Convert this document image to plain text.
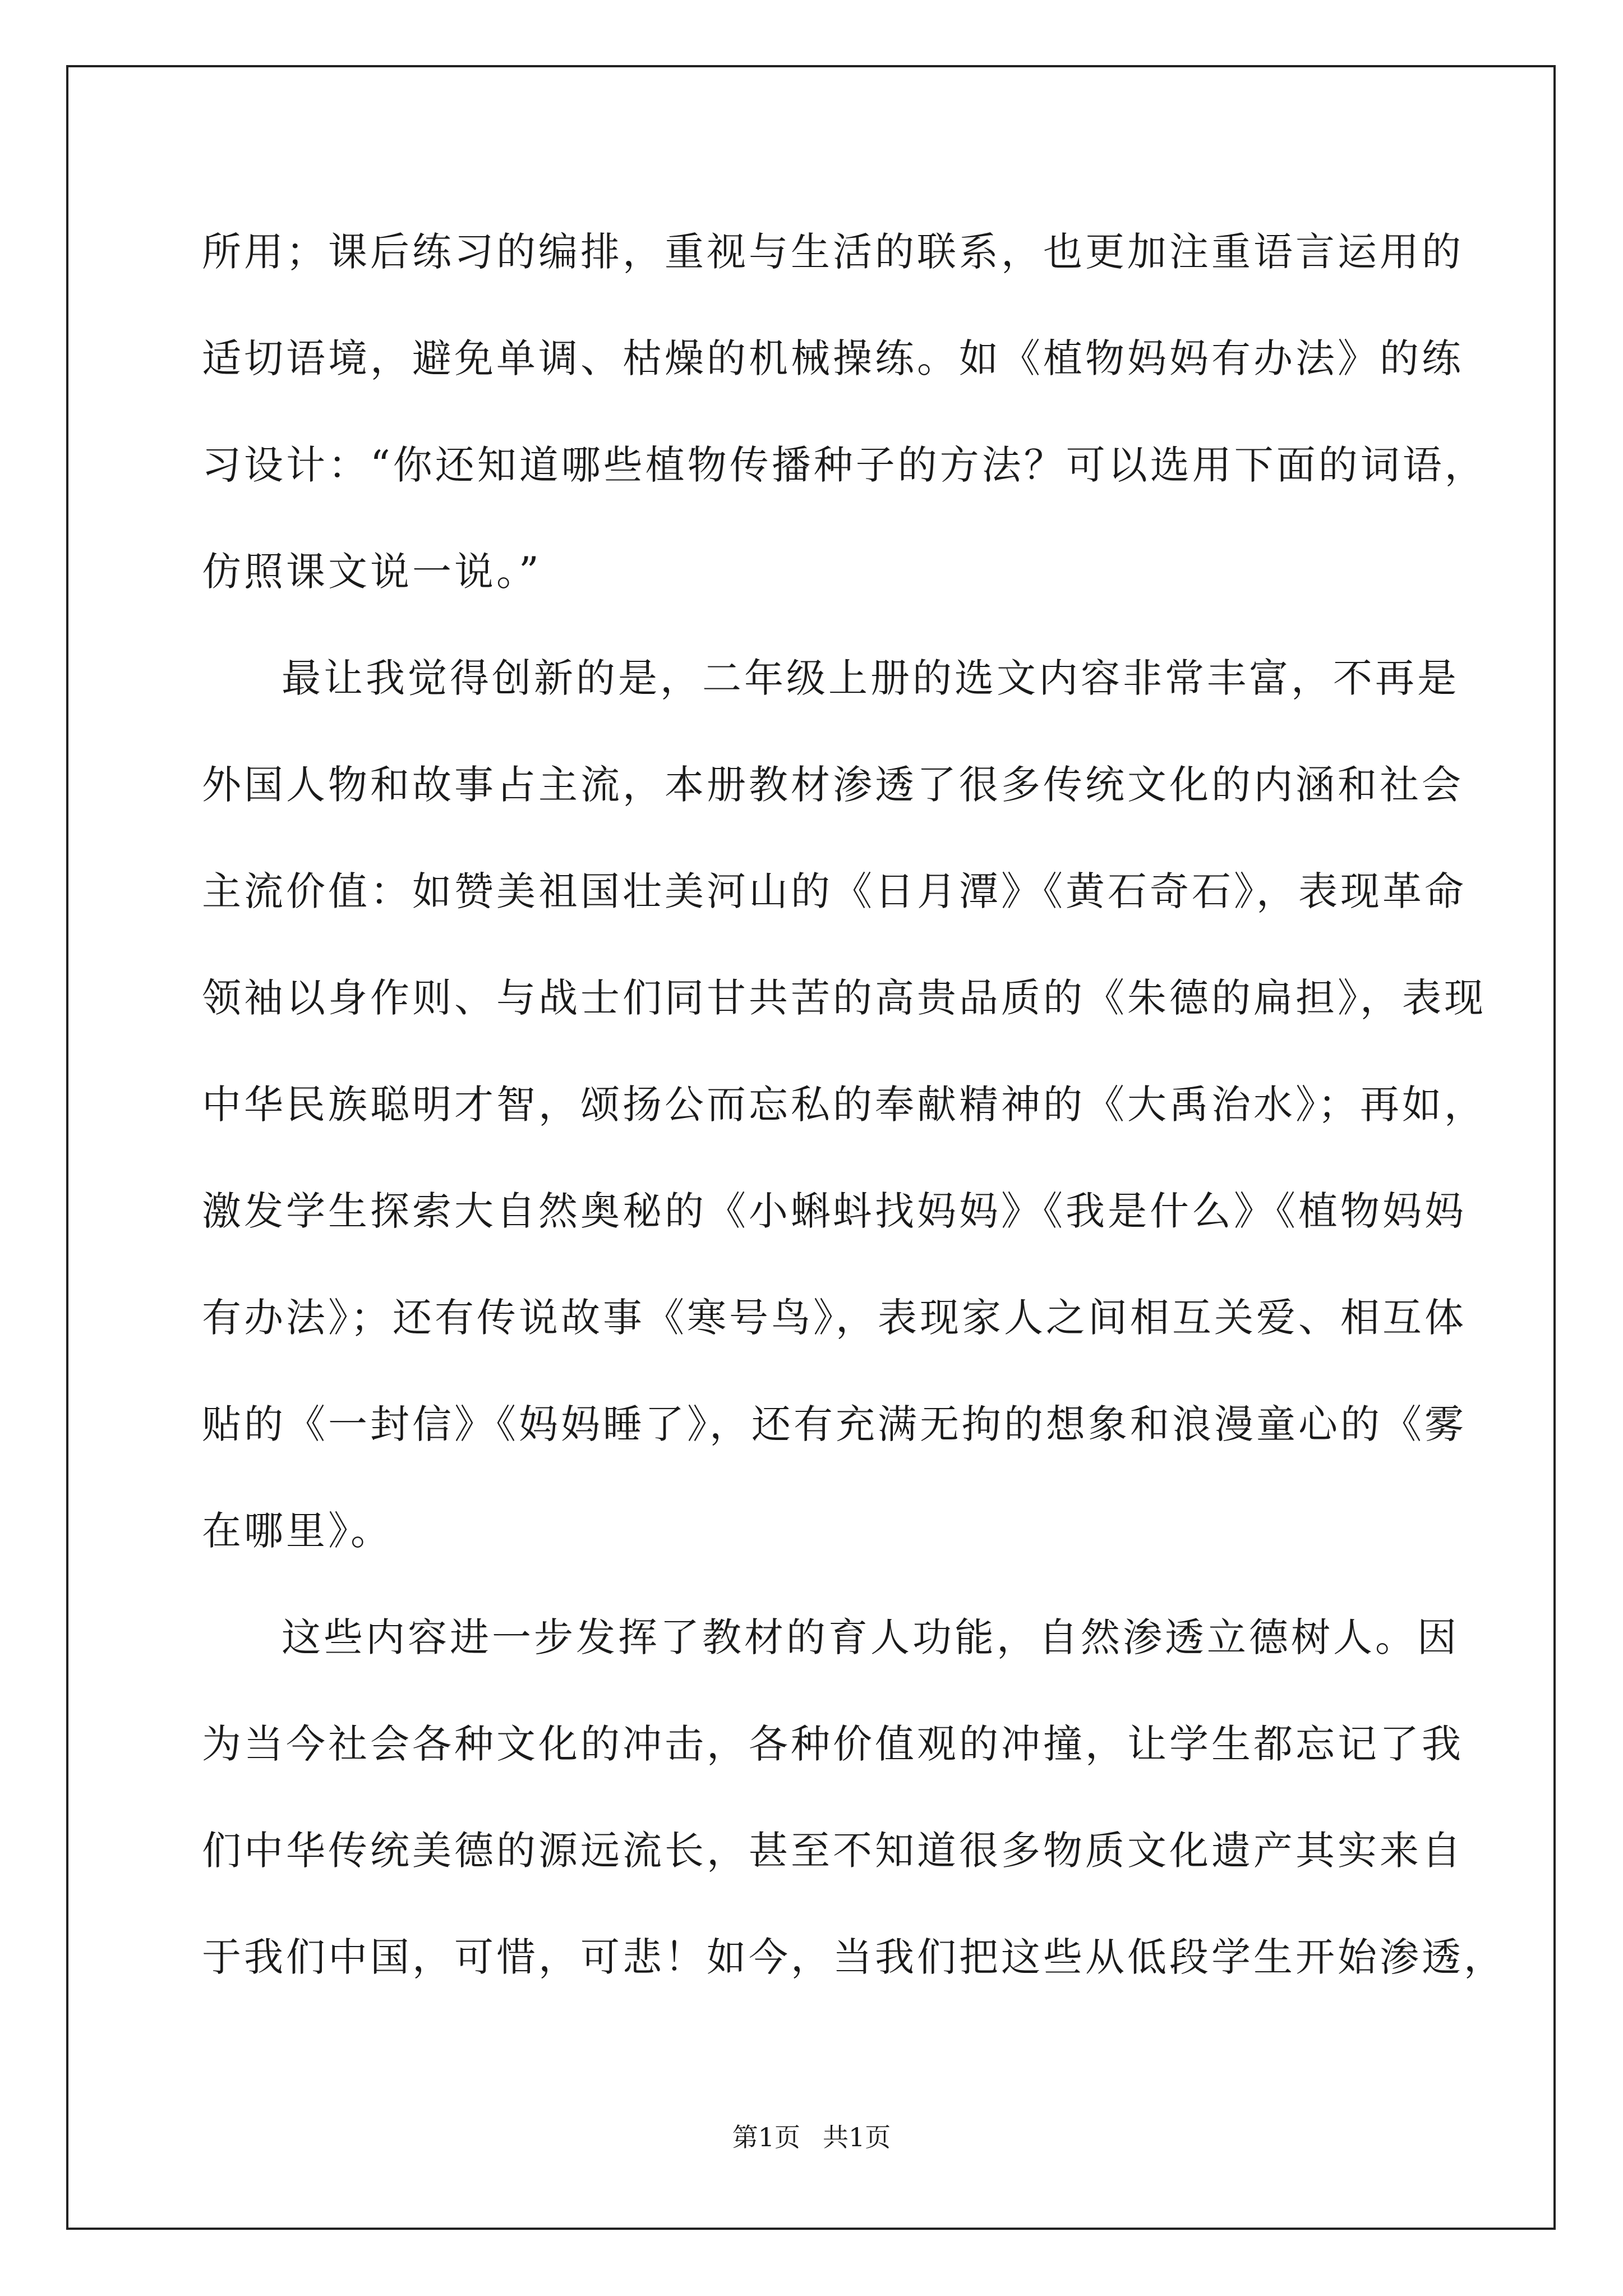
所用；课后练习的编排，重视与生活的联系，也更加注重语言运用的
适切语境，避免单调、枯燥的机械操练。如《植物妈妈有办法》的练
习设计：“你还知道哪些植物传播种子的方法？可以选用下面的词语，
仿照课文说一说。”
最让我觉得创新的是，二年级上册的选文内容非常丰富，不再是
外国人物和故事占主流，本册教材渗透了很多传统文化的内涵和社会
主流价值：如赞美祖国壮美河山的《日月潭》《黄石奇石》，表现革命
领袖以身作则、与战士们同甘共苦的高贵品质的《朱德的扁担》，表现
中华民族聪明才智，颂扬公而忘私的奉献精神的《大禹治水》；再如，
激发学生探索大自然奥秘的《小蝌蚪找妈妈》《我是什么》《植物妈妈
有办法》；还有传说故事《寒号鸟》，表现家人之间相互关爱、相互体
贴的《一封信》《妈妈睡了》，还有充满无拘的想象和浪漫童心的《雾
在哪里》。
这些内容进一步发挥了教材的育人功能，自然渗透立德树人。因
为当今社会各种文化的冲击，各种价值观的冲撞，让学生都忘记了我
们中华传统美德的源远流长，甚至不知道很多物质文化遗产其实来自
于我们中国，可惜，可悲！如今，当我们把这些从低段学生开始渗透，
第1页 共1页
